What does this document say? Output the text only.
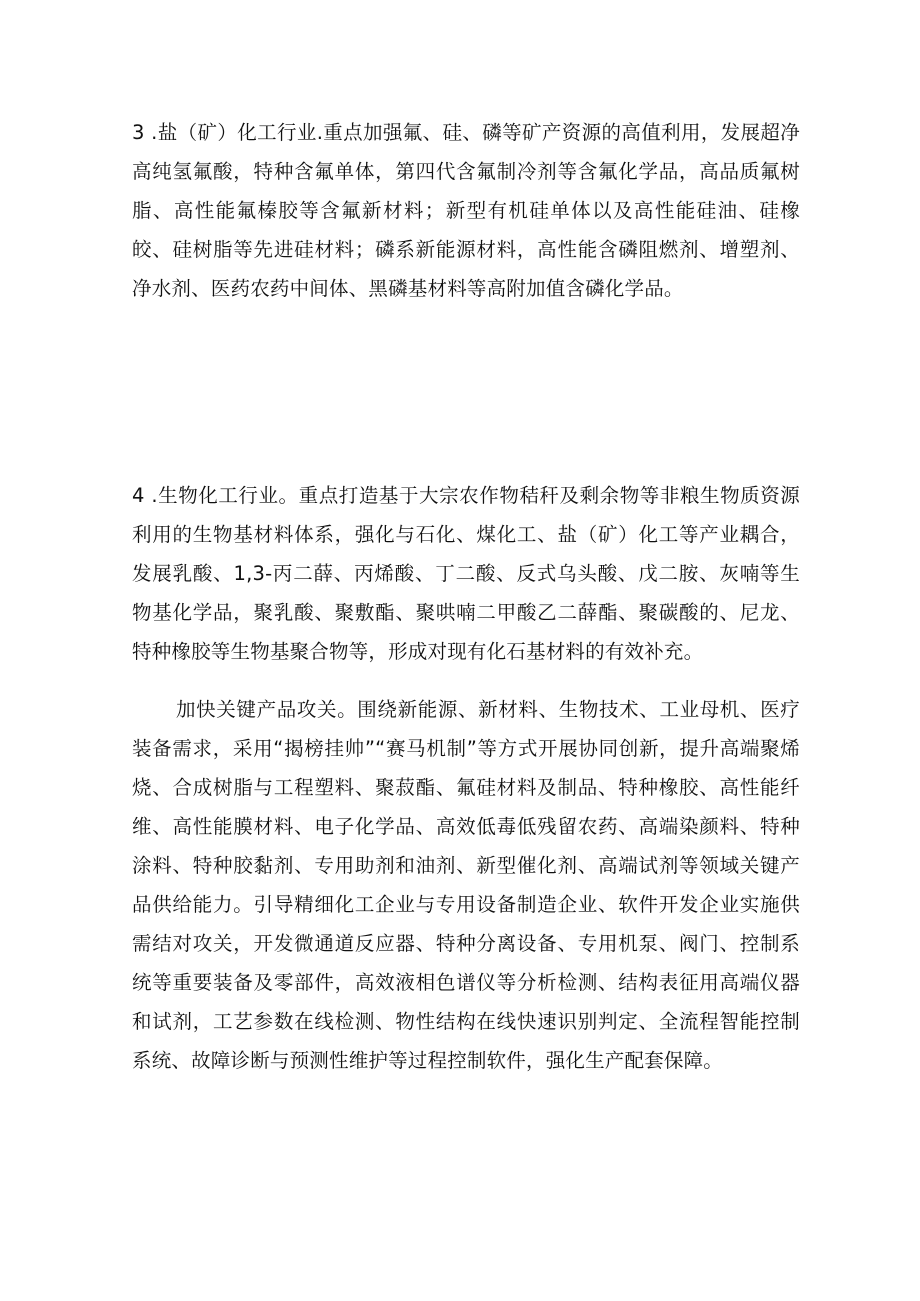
3 .盐（矿）化工行业.重点加强氟、硅、磷等矿产资源的高值利用，发展超净高纯氢氟酸，特种含氟单体，第四代含氟制冷剂等含氟化学品，高品质氟树脂、高性能氟榛胶等含氟新材料；新型有机硅单体以及高性能硅油、硅橡皎、硅树脂等先进硅材料；磷系新能源材料，高性能含磷阻燃剂、增塑剂、净水剂、医药农药中间体、黑磷基材料等高附加值含磷化学品。

4 .生物化工行业。重点打造基于大宗农作物秸秆及剩余物等非粮生物质资源利用的生物基材料体系，强化与石化、煤化工、盐（矿）化工等产业耦合，发展乳酸、1,3-丙二薛、丙烯酸、丁二酸、反式乌头酸、戊二胺、灰喃等生物基化学品，聚乳酸、聚敷酯、聚哄喃二甲酸乙二薛酯、聚碳酸的、尼龙、特种橡胶等生物基聚合物等，形成对现有化石基材料的有效补充。

加快关键产品攻关。围绕新能源、新材料、生物技术、工业母机、医疗装备需求，采用“揭榜挂帅”“赛马机制”等方式开展协同创新，提升高端聚烯烧、合成树脂与工程塑料、聚菽酯、氟硅材料及制品、特种橡胶、高性能纤维、高性能膜材料、电子化学品、高效低毒低残留农药、高端染颜料、特种涂料、特种胶黏剂、专用助剂和油剂、新型催化剂、高端试剂等领域关键产品供给能力。引导精细化工企业与专用设备制造企业、软件开发企业实施供需结对攻关，开发微通道反应器、特种分离设备、专用机泵、阀门、控制系统等重要装备及零部件，高效液相色谱仪等分析检测、结构表征用高端仪器和试剂，工艺参数在线检测、物性结构在线快速识别判定、全流程智能控制系统、故障诊断与预测性维护等过程控制软件，强化生产配套保障。
